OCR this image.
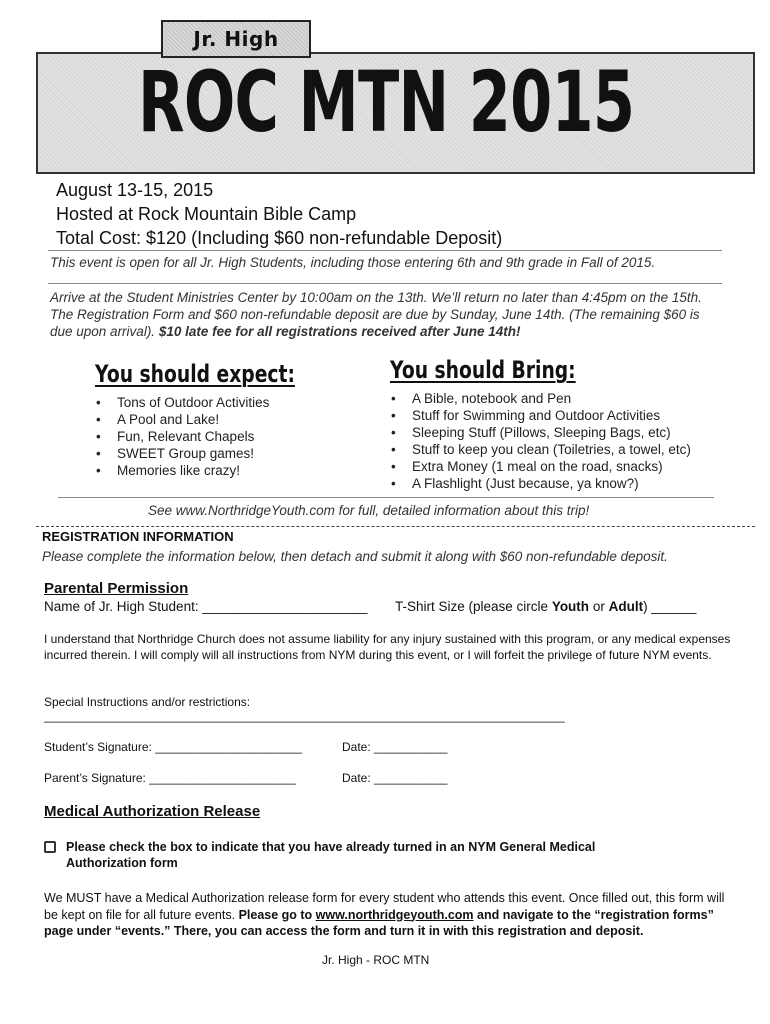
Jr. High
ROC MTN 2015
August 13-15, 2015
Hosted at Rock Mountain Bible Camp
Total Cost: $120 (Including $60 non-refundable Deposit)
This event is open for all Jr. High Students, including those entering 6th and 9th grade in Fall of 2015.
Arrive at the Student Ministries Center by 10:00am on the 13th. We’ll return no later than 4:45pm on the 15th. The Registration Form and $60 non-refundable deposit are due by Sunday, June 14th. (The remaining $60 is due upon arrival). $10 late fee for all registrations received after June 14th!
You should expect:
• Tons of Outdoor Activities
• A Pool and Lake!
• Fun, Relevant Chapels
• SWEET Group games!
• Memories like crazy!
You should Bring:
• A Bible, notebook and Pen
• Stuff for Swimming and Outdoor Activities
• Sleeping Stuff (Pillows, Sleeping Bags, etc)
• Stuff to keep you clean (Toiletries, a towel, etc)
• Extra Money (1 meal on the road, snacks)
• A Flashlight (Just because, ya know?)
See www.NorthridgeYouth.com for full, detailed information about this trip!
REGISTRATION INFORMATION
Please complete the information below, then detach and submit it along with $60 non-refundable deposit.
Parental Permission
Name of Jr. High Student: ______________________ T-Shirt Size (please circle Youth or Adult) ______
I understand that Northridge Church does not assume liability for any injury sustained with this program, or any medical expenses incurred therein. I will comply will all instructions from NYM during this event, or I will forfeit the privilege of future NYM events.
Special Instructions and/or restrictions:
______________________________________________________________________________
Student’s Signature: ______________________	Date: ___________
Parent’s Signature: ______________________	Date: ___________
Medical Authorization Release
Please check the box to indicate that you have already turned in an NYM General Medical Authorization form
We MUST have a Medical Authorization release form for every student who attends this event. Once filled out, this form will be kept on file for all future events. Please go to www.northridgeyouth.com and navigate to the “registration forms” page under “events.” There, you can access the form and turn it in with this registration and deposit.
Jr. High - ROC MTN
